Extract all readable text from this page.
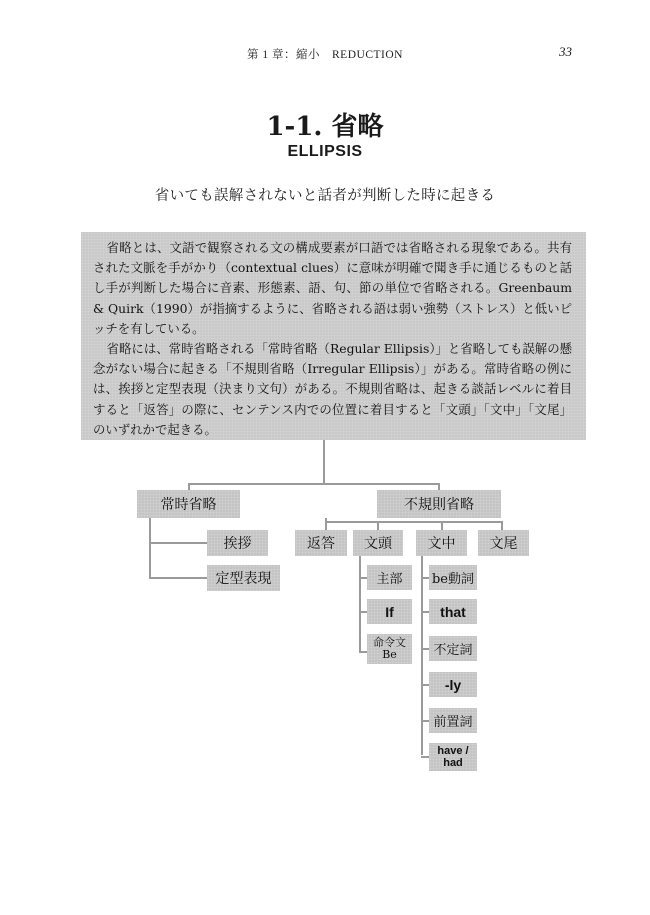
第 1 章：縮小　REDUCTION	33
1-1. 省略
ELLIPSIS
省いても誤解されないと話者が判断した時に起きる

省略とは、文語で観察される文の構成要素が口語では省略される現象である。共有された文脈を手がかり（contextual clues）に意味が明確で聞き手に通じるものと話し手が判断した場合に音素、形態素、語、句、節の単位で省略される。Greenbaum & Quirk（1990）が指摘するように、省略される語は弱い強勢（ストレス）と低いピッチを有している。

省略には、常時省略される「常時省略（Regular Ellipsis）」と省略しても誤解の懸念がない場合に起きる「不規則省略（Irregular Ellipsis）」がある。常時省略の例には、挨拶と定型表現（決まり文句）がある。不規則省略は、起きる談話レベルに着目すると「返答」の際に、センテンス内での位置に着目すると「文頭」「文中」「文尾」のいずれかで起きる。

常時省略	不規則省略
挨拶
定型表現
返答	文頭	文中	文尾
主部
If
命令文
Be
be動詞
that
不定詞
-ly
前置詞
have /
had
